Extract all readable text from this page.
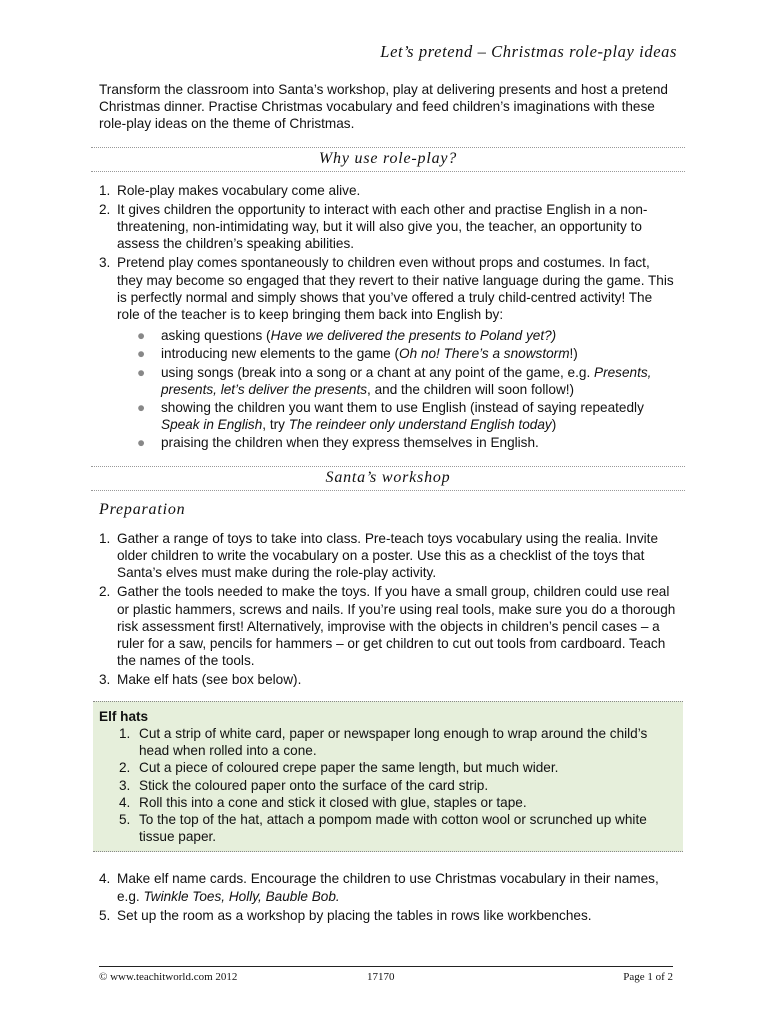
Let’s pretend – Christmas role-play ideas

Transform the classroom into Santa’s workshop, play at delivering presents and host a pretend Christmas dinner. Practise Christmas vocabulary and feed children’s imaginations with these role-play ideas on the theme of Christmas.

Why use role-play?
1. Role-play makes vocabulary come alive.
2. It gives children the opportunity to interact with each other and practise English in a non-threatening, non-intimidating way, but it will also give you, the teacher, an opportunity to assess the children’s speaking abilities.
3. Pretend play comes spontaneously to children even without props and costumes. In fact, they may become so engaged that they revert to their native language during the game. This is perfectly normal and simply shows that you’ve offered a truly child-centred activity! The role of the teacher is to keep bringing them back into English by:
● asking questions (Have we delivered the presents to Poland yet?)
● introducing new elements to the game (Oh no! There’s a snowstorm!)
● using songs (break into a song or a chant at any point of the game, e.g. Presents, presents, let’s deliver the presents, and the children will soon follow!)
● showing the children you want them to use English (instead of saying repeatedly Speak in English, try The reindeer only understand English today)
● praising the children when they express themselves in English.
Santa’s workshop
Preparation
1. Gather a range of toys to take into class. Pre-teach toys vocabulary using the realia. Invite older children to write the vocabulary on a poster. Use this as a checklist of the toys that Santa’s elves must make during the role-play activity.
2. Gather the tools needed to make the toys. If you have a small group, children could use real or plastic hammers, screws and nails. If you’re using real tools, make sure you do a thorough risk assessment first! Alternatively, improvise with the objects in children’s pencil cases – a ruler for a saw, pencils for hammers – or get children to cut out tools from cardboard. Teach the names of the tools.
3. Make elf hats (see box below).

Elf hats

1. Cut a strip of white card, paper or newspaper long enough to wrap around the child’s head when rolled into a cone.
2. Cut a piece of coloured crepe paper the same length, but much wider.
3. Stick the coloured paper onto the surface of the card strip.
4. Roll this into a cone and stick it closed with glue, staples or tape.
5. To the top of the hat, attach a pompom made with cotton wool or scrunched up white tissue paper.
4. Make elf name cards. Encourage the children to use Christmas vocabulary in their names, e.g. Twinkle Toes, Holly, Bauble Bob.
5. Set up the room as a workshop by placing the tables in rows like workbenches.
© www.teachitworld.com 2012	17170	Page 1 of 2
